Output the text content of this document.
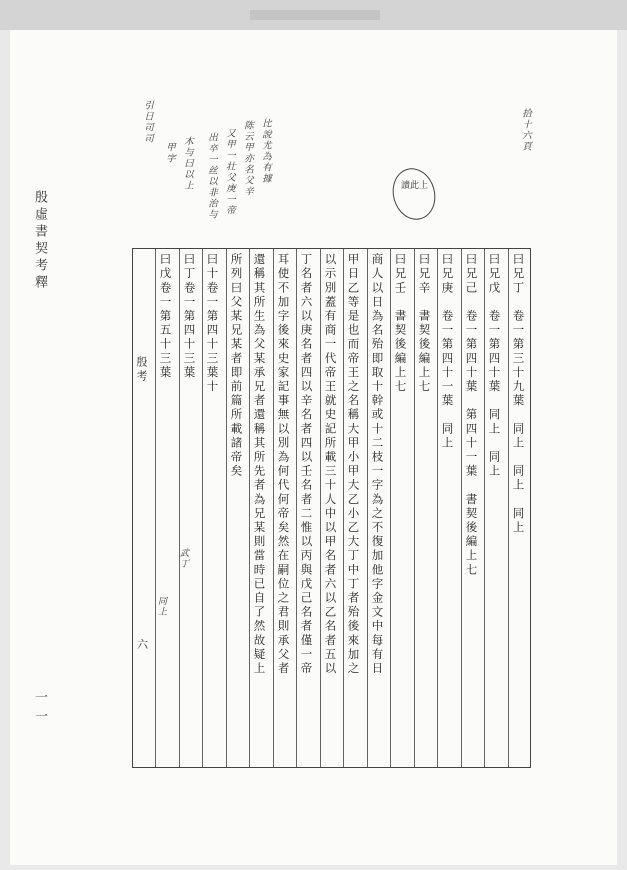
殷虛書契考釋
一一
拾十六頁
讀此上
比說尤為有據
陈云甲亦名父辛
又甲一壮父庚一帝
出卒一丝以非治与
木与曰以上
甲字
引日司司
曰兄丁　卷一第三十九葉　同上　同上　同上
曰兄戊　卷一第四十葉　同上　同上
曰兄己　卷一第四十葉　第四十一葉　書契後編上七
曰兄庚　卷一第四十一葉　同上
曰兄辛　書契後編上七
曰兄壬　書契後編上七
商人以日為名殆即取十幹或十二枝一字為之不復加他字金文中每有日
甲日乙等是也而帝王之名稱大甲小甲大乙小乙大丁中丁者殆後來加之
以示別蓋有商一代帝王就史記所載三十人中以甲名者六以乙名者五以
丁名者六以庚名者四以辛名者四以壬名者二惟以丙與戊己名者僅一帝
耳使不加字後來史家記事無以別為何代何帝矣然在嗣位之君則承父者
還稱其所生為父某承兄者還稱其所先者為兄某則當時已自了然故疑上
所列曰父某兄某者即前篇所載諸帝矣
曰十卷一第四十三葉十
曰丁卷一第四十三葉
曰戊卷一第五十三葉
殷考
六
武丁
同上
